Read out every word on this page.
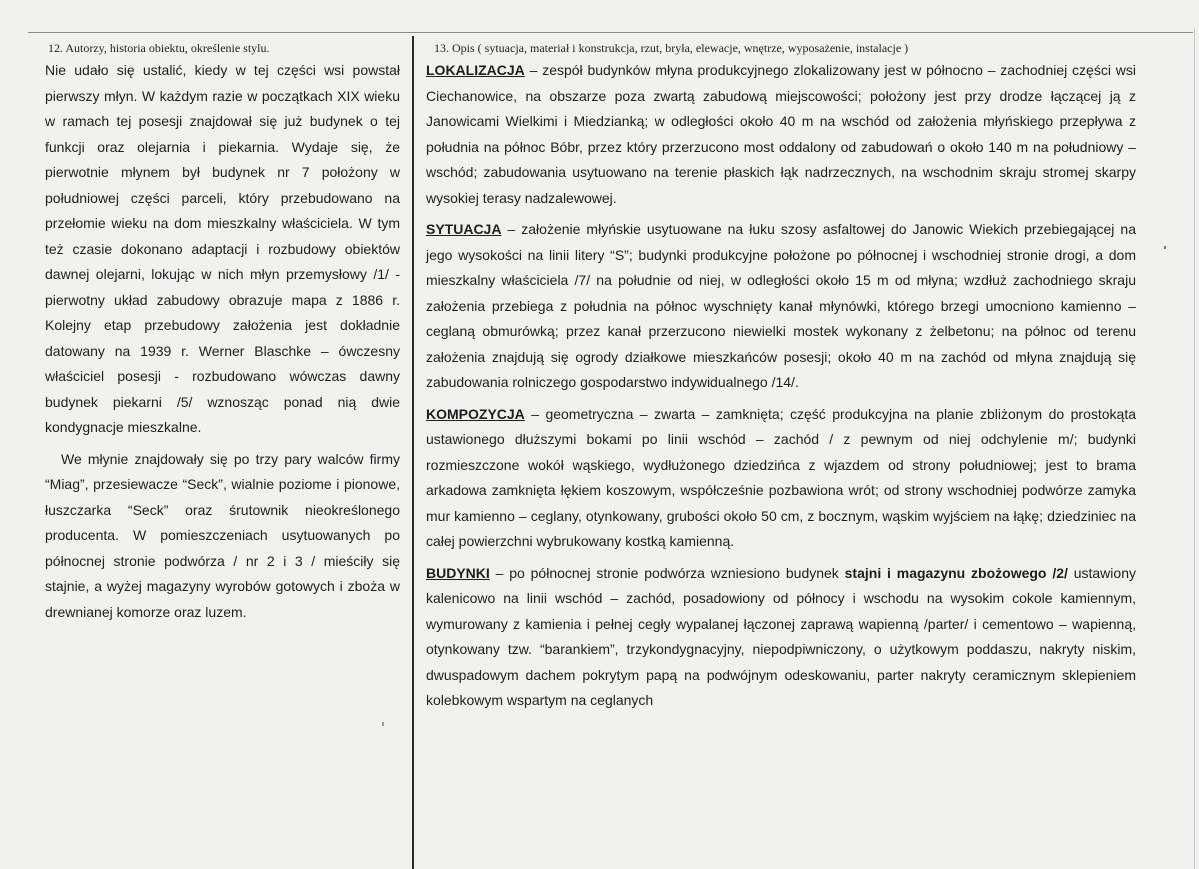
12. Autorzy, historia obiektu, określenie stylu.

Nie udało się ustalić, kiedy w tej części wsi powstał pierwszy młyn. W każdym razie w początkach XIX wieku w ramach tej posesji znajdował się już budynek o tej funkcji oraz olejarnia i piekarnia. Wydaje się, że pierwotnie młynem był budynek nr 7 położony w południowej części parceli, który przebudowano na przełomie wieku na dom mieszkalny właściciela. W tym też czasie dokonano adaptacji i rozbudowy obiektów dawnej olejarni, lokując w nich młyn przemysłowy /1/ - pierwotny układ zabudowy obrazuje mapa z 1886 r. Kolejny etap przebudowy założenia jest dokładnie datowany na 1939 r. Werner Blaschke – ówczesny właściciel posesji - rozbudowano wówczas dawny budynek piekarni /5/ wznosząc ponad nią dwie kondygnacje mieszkalne.

We młynie znajdowały się po trzy pary walców firmy “Miag”, przesiewacze “Seck”, wialnie poziome i pionowe, łuszczarka “Seck” oraz śrutownik nieokreślonego producenta. W pomieszczeniach usytuowanych po północnej stronie podwórza / nr 2 i 3 / mieściły się stajnie, a wyżej magazyny wyrobów gotowych i zboża w drewnianej komorze oraz luzem.

13. Opis ( sytuacja, materiał i konstrukcja, rzut, bryła, elewacje, wnętrze, wyposażenie, instalacje )

LOKALIZACJA – zespół budynków młyna produkcyjnego zlokalizowany jest w północno – zachodniej części wsi Ciechanowice, na obszarze poza zwartą zabudową miejscowości; położony jest przy drodze łączącej ją z Janowicami Wielkimi i Miedzianką; w odległości około 40 m na wschód od założenia młyńskiego przepływa z południa na północ Bóbr, przez który przerzucono most oddalony od zabudowań o około 140 m na południowy – wschód; zabudowania usytuowano na terenie płaskich łąk nadrzecznych, na wschodnim skraju stromej skarpy wysokiej terasy nadzalewowej.

SYTUACJA – założenie młyńskie usytuowane na łuku szosy asfaltowej do Janowic Wiekich przebiegającej na jego wysokości na linii litery “S”; budynki produkcyjne położone po północnej i wschodniej stronie drogi, a dom mieszkalny właściciela /7/ na południe od niej, w odległości około 15 m od młyna; wzdłuż zachodniego skraju założenia przebiega z południa na północ wyschnięty kanał młynówki, którego brzegi umocniono kamienno – ceglaną obmurówką; przez kanał przerzucono niewielki mostek wykonany z żelbetonu; na północ od terenu założenia znajdują się ogrody działkowe mieszkańców posesji; około 40 m na zachód od młyna znajdują się zabudowania rolniczego gospodarstwo indywidualnego /14/.

KOMPOZYCJA – geometryczna – zwarta – zamknięta; część produkcyjna na planie zbliżonym do prostokąta ustawionego dłuższymi bokami po linii wschód – zachód / z pewnym od niej odchylenie m/; budynki rozmieszczone wokół wąskiego, wydłużonego dziedzińca z wjazdem od strony południowej; jest to brama arkadowa zamknięta łękiem koszowym, współcześnie pozbawiona wrót; od strony wschodniej podwórze zamyka mur kamienno – ceglany, otynkowany, grubości około 50 cm, z bocznym, wąskim wyjściem na łąkę; dziedziniec na całej powierzchni wybrukowany kostką kamienną.

BUDYNKI – po północnej stronie podwórza wzniesiono budynek stajni i magazynu zbożowego /2/ ustawiony kalenicowo na linii wschód – zachód, posadowiony od północy i wschodu na wysokim cokole kamiennym, wymurowany z kamienia i pełnej cegły wypalanej łączonej zaprawą wapienną /parter/ i cementowo – wapienną, otynkowany tzw. “barankiem”, trzykondygnacyjny, niepodpiwniczony, o użytkowym poddaszu, nakryty niskim, dwuspadowym dachem pokrytym papą na podwójnym odeskowaniu, parter nakryty ceramicznym sklepieniem kolebkowym wspartym na ceglanych
